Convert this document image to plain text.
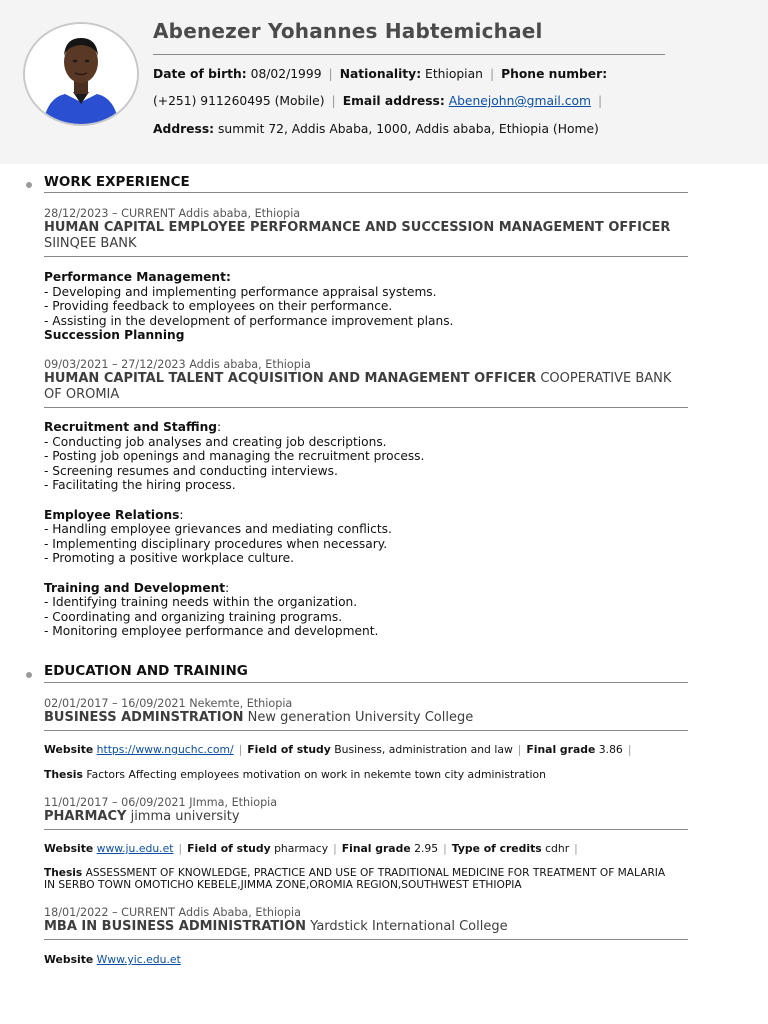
Abenezer Yohannes Habtemichael
Date of birth: 08/02/1999 | Nationality: Ethiopian | Phone number:
(+251) 911260495 (Mobile) | Email address: Abenejohn@gmail.com |
Address: summit 72, Addis Ababa, 1000, Addis ababa, Ethiopia (Home)
WORK EXPERIENCE
28/12/2023 – CURRENT Addis ababa, Ethiopia
HUMAN CAPITAL EMPLOYEE PERFORMANCE AND SUCCESSION MANAGEMENT OFFICER
SIINQEE BANK
Performance Management:
- Developing and implementing performance appraisal systems.
- Providing feedback to employees on their performance.
- Assisting in the development of performance improvement plans.
Succession Planning
09/03/2021 – 27/12/2023 Addis ababa, Ethiopia
HUMAN CAPITAL TALENT ACQUISITION AND MANAGEMENT OFFICER COOPERATIVE BANK OF OROMIA
Recruitment and Staffing:
- Conducting job analyses and creating job descriptions.
- Posting job openings and managing the recruitment process.
- Screening resumes and conducting interviews.
- Facilitating the hiring process.
Employee Relations:
- Handling employee grievances and mediating conflicts.
- Implementing disciplinary procedures when necessary.
- Promoting a positive workplace culture.
Training and Development:
- Identifying training needs within the organization.
- Coordinating and organizing training programs.
- Monitoring employee performance and development.
EDUCATION AND TRAINING
02/01/2017 – 16/09/2021 Nekemte, Ethiopia
BUSINESS ADMINSTRATION New generation University College
Website https://www.nguchc.com/ | Field of study Business, administration and law | Final grade 3.86 |
Thesis Factors Affecting employees motivation on work in nekemte town city administration
11/01/2017 – 06/09/2021 JImma, Ethiopia
PHARMACY jimma university
Website www.ju.edu.et | Field of study pharmacy | Final grade 2.95 | Type of credits cdhr |
Thesis ASSESSMENT OF KNOWLEDGE, PRACTICE AND USE OF TRADITIONAL MEDICINE FOR TREATMENT OF MALARIA
IN SERBO TOWN OMOTICHO KEBELE,JIMMA ZONE,OROMIA REGION,SOUTHWEST ETHIOPIA
18/01/2022 – CURRENT Addis Ababa, Ethiopia
MBA IN BUSINESS ADMINISTRATION Yardstick International College
Website Www.yic.edu.et
